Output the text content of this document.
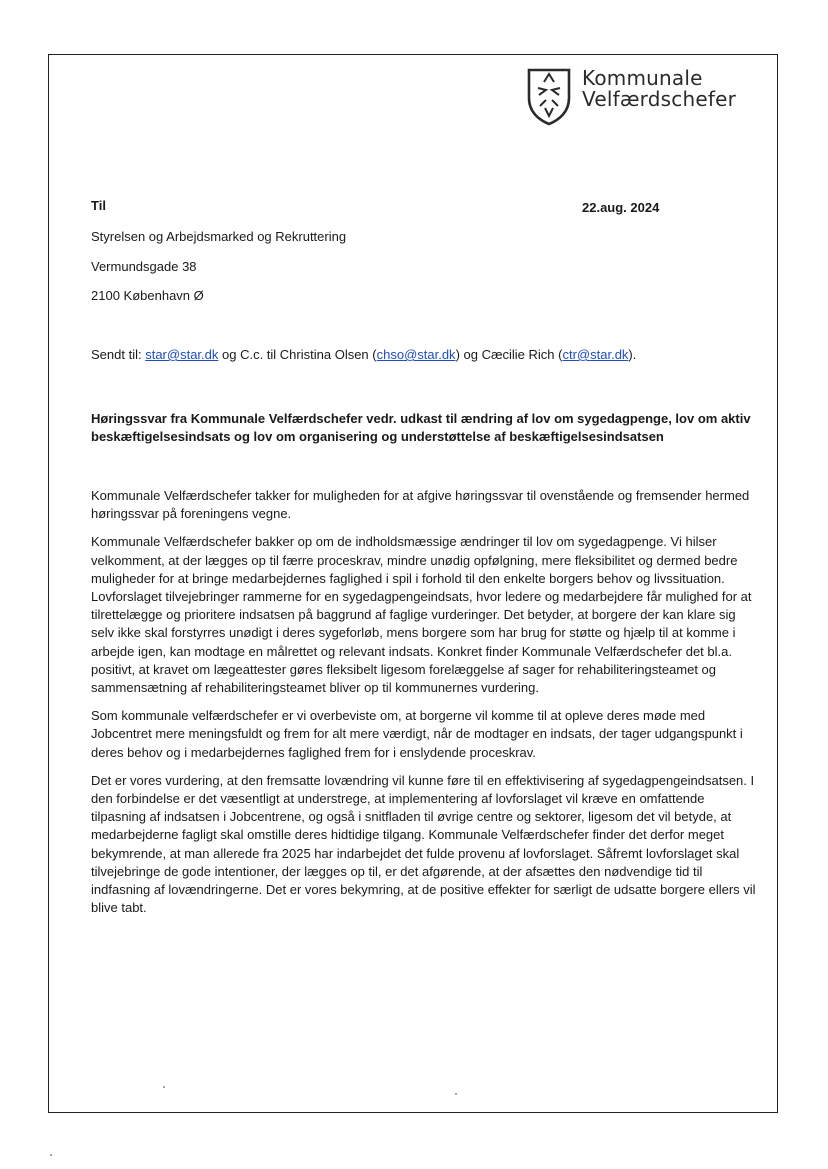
Kommunale
Velfærdschefer
Til	22.aug. 2024
Styrelsen og Arbejdsmarked og Rekruttering
Vermundsgade 38
2100 København Ø
Sendt til: star@star.dk og C.c. til Christina Olsen (chso@star.dk) og Cæcilie Rich (ctr@star.dk).
Høringssvar fra Kommunale Velfærdschefer vedr. udkast til ændring af lov om sygedagpenge, lov om aktiv beskæftigelsesindsats og lov om organisering og understøttelse af beskæftigelsesindsatsen

Kommunale Velfærdschefer takker for muligheden for at afgive høringssvar til ovenstående og fremsender hermed høringssvar på foreningens vegne.

Kommunale Velfærdschefer bakker op om de indholdsmæssige ændringer til lov om sygedagpenge. Vi hilser velkomment, at der lægges op til færre proceskrav, mindre unødig opfølgning, mere fleksibilitet og dermed bedre muligheder for at bringe medarbejdernes faglighed i spil i forhold til den enkelte borgers behov og livssituation. Lovforslaget tilvejebringer rammerne for en sygedagpengeindsats, hvor ledere og medarbejdere får mulighed for at tilrettelægge og prioritere indsatsen på baggrund af faglige vurderinger. Det betyder, at borgere der kan klare sig selv ikke skal forstyrres unødigt i deres sygeforløb, mens borgere som har brug for støtte og hjælp til at komme i arbejde igen, kan modtage en målrettet og relevant indsats. Konkret finder Kommunale Velfærdschefer det bl.a. positivt, at kravet om lægeattester gøres fleksibelt ligesom forelæggelse af sager for rehabiliteringsteamet og sammensætning af rehabiliteringsteamet bliver op til kommunernes vurdering.

Som kommunale velfærdschefer er vi overbeviste om, at borgerne vil komme til at opleve deres møde med Jobcentret mere meningsfuldt og frem for alt mere værdigt, når de modtager en indsats, der tager udgangspunkt i deres behov og i medarbejdernes faglighed frem for i enslydende proceskrav.

Det er vores vurdering, at den fremsatte lovændring vil kunne føre til en effektivisering af sygedagpengeindsatsen. I den forbindelse er det væsentligt at understrege, at implementering af lovforslaget vil kræve en omfattende tilpasning af indsatsen i Jobcentrene, og også i snitfladen til øvrige centre og sektorer, ligesom det vil betyde, at medarbejderne fagligt skal omstille deres hidtidige tilgang. Kommunale Velfærdschefer finder det derfor meget bekymrende, at man allerede fra 2025 har indarbejdet det fulde provenu af lovforslaget. Såfremt lovforslaget skal tilvejebringe de gode intentioner, der lægges op til, er det afgørende, at der afsættes den nødvendige tid til indfasning af lovændringerne. Det er vores bekymring, at de positive effekter for særligt de udsatte borgere ellers vil blive tabt.
